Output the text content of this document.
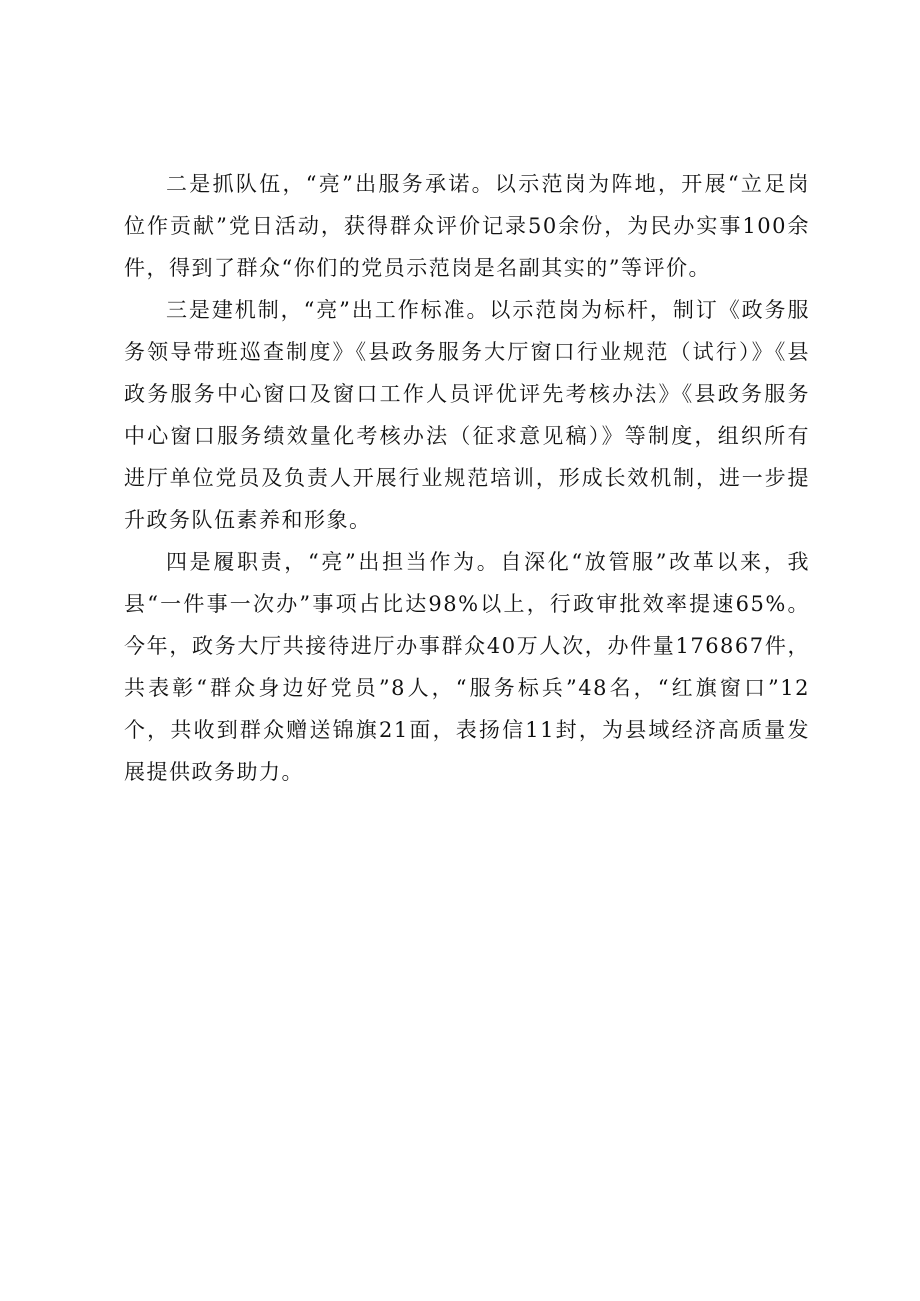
二是抓队伍，“亮”出服务承诺。以示范岗为阵地，开展“立足岗位作贡献”党日活动，获得群众评价记录50余份，为民办实事100余件，得到了群众“你们的党员示范岗是名副其实的”等评价。

三是建机制，“亮”出工作标准。以示范岗为标杆，制订《政务服务领导带班巡查制度》《县政务服务大厅窗口行业规范（试行）》《县政务服务中心窗口及窗口工作人员评优评先考核办法》《县政务服务中心窗口服务绩效量化考核办法（征求意见稿）》等制度，组织所有进厅单位党员及负责人开展行业规范培训，形成长效机制，进一步提升政务队伍素养和形象。

四是履职责，“亮”出担当作为。自深化“放管服”改革以来，我县“一件事一次办”事项占比达98%以上，行政审批效率提速65%。今年，政务大厅共接待进厅办事群众40万人次，办件量176867件，共表彰“群众身边好党员”8人，“服务标兵”48名，“红旗窗口”12个，共收到群众赠送锦旗21面，表扬信11封，为县域经济高质量发展提供政务助力。
